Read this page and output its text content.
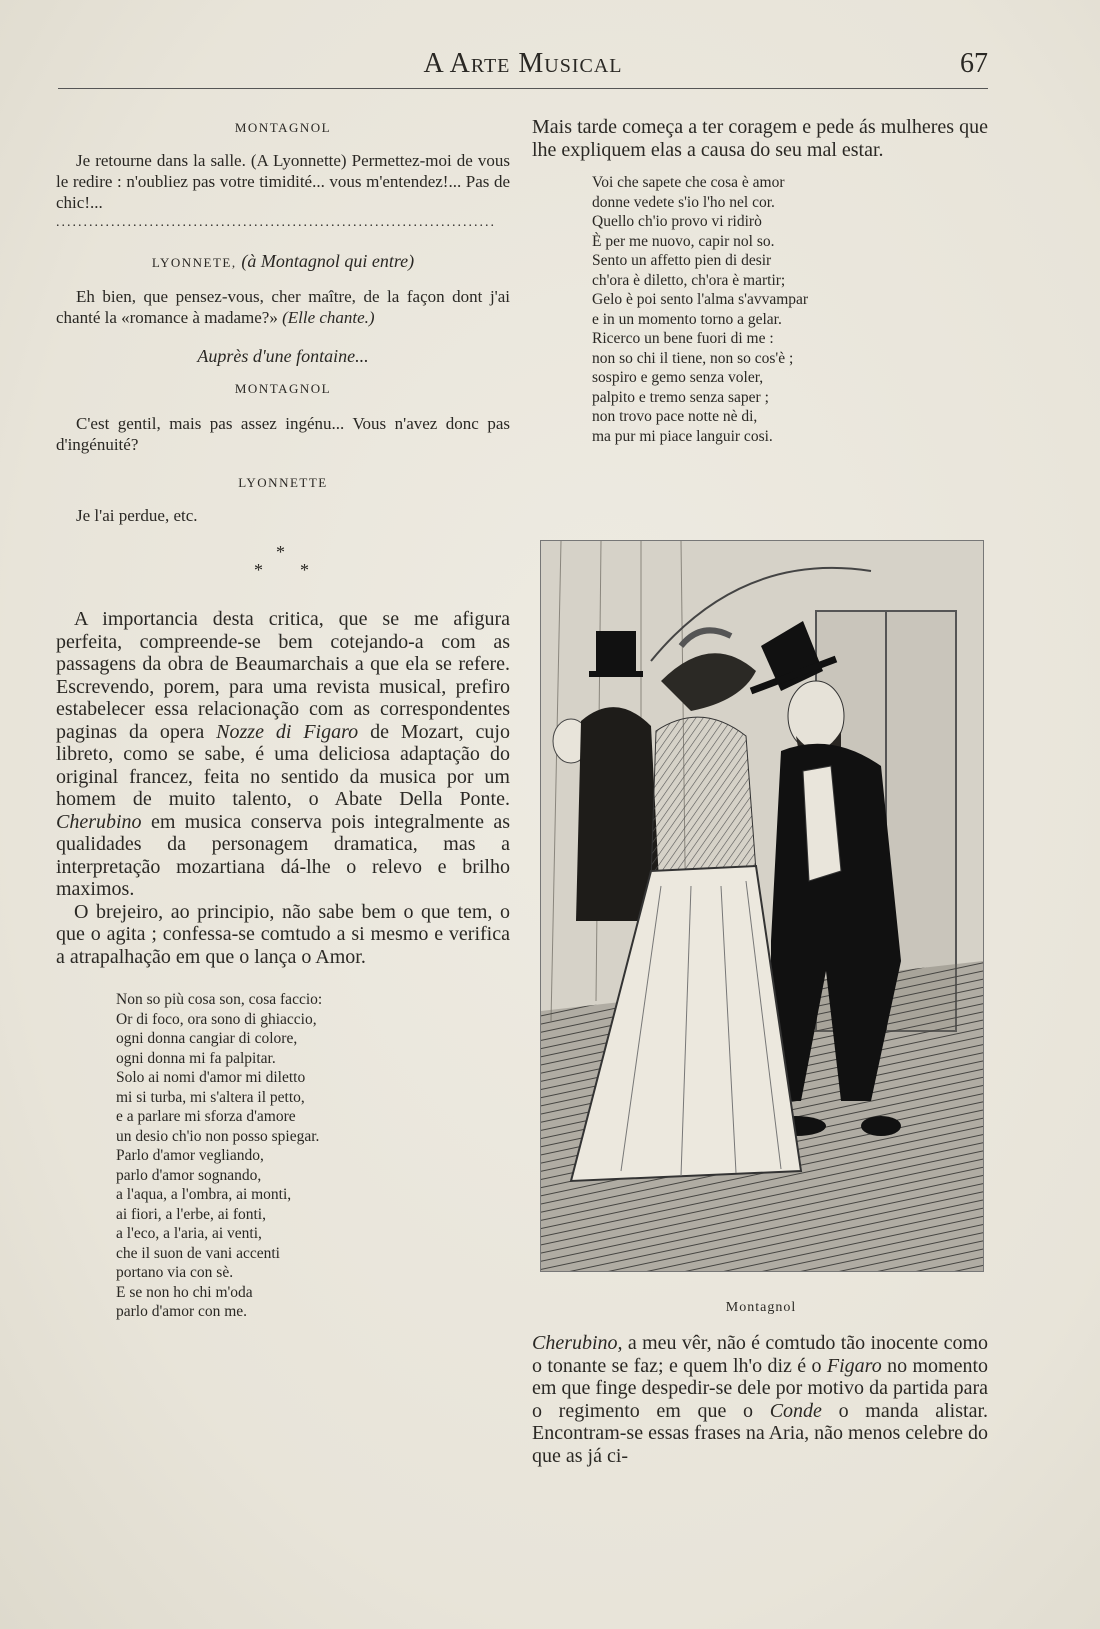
A Arte Musical	67

MONTAGNOL

Je retourne dans la salle. (A Lyonnette) Permettez-moi de vous le redire : n'oubliez pas votre timidité... vous m'entendez!... Pas de chic!...

................................................................................

LYONNETE, (à Montagnol qui entre)

Eh bien, que pensez-vous, cher maître, de la façon dont j'ai chanté la «romance à madame?» (Elle chante.)

Auprès d'une fontaine...

MONTAGNOL

C'est gentil, mais pas assez ingénu... Vous n'avez donc pas d'ingénuité?

LYONNETTE

Je l'ai perdue, etc.

*
* *

A importancia desta critica, que se me afigura perfeita, compreende-se bem cotejando-a com as passagens da obra de Beaumarchais a que ela se refere. Escrevendo, porem, para uma revista musical, prefiro estabelecer essa relacionação com as correspondentes paginas da opera Nozze di Figaro de Mozart, cujo libreto, como se sabe, é uma deliciosa adaptação do original francez, feita no sentido da musica por um homem de muito talento, o Abate Della Ponte. Cherubino em musica conserva pois integralmente as qualidades da personagem dramatica, mas a interpretação mozartiana dá-lhe o relevo e brilho maximos.

O brejeiro, ao principio, não sabe bem o que tem, o que o agita ; confessa-se comtudo a si mesmo e verifica a atrapalhação em que o lança o Amor.

Non so più cosa son, cosa faccio:
Or di foco, ora sono di ghiaccio,
ogni donna cangiar di colore,
ogni donna mi fa palpitar.
Solo ai nomi d'amor mi diletto
mi si turba, mi s'altera il petto,
e a parlare mi sforza d'amore
un desio ch'io non posso spiegar.
Parlo d'amor vegliando,
parlo d'amor sognando,
a l'aqua, a l'ombra, ai monti,
ai fiori, a l'erbe, ai fonti,
a l'eco, a l'aria, ai venti,
che il suon de vani accenti
portano via con sè.
E se non ho chi m'oda
parlo d'amor con me.

Mais tarde começa a ter coragem e pede ás mulheres que lhe expliquem elas a causa do seu mal estar.

Voi che sapete che cosa è amor
donne vedete s'io l'ho nel cor.
Quello ch'io provo vi ridirò
È per me nuovo, capir nol so.
Sento un affetto pien di desir
ch'ora è diletto, ch'ora è martir;
Gelo è poi sento l'alma s'avvampar
e in un momento torno a gelar.
Ricerco un bene fuori di me :
non so chi il tiene, non so cos'è ;
sospiro e gemo senza voler,
palpito e tremo senza saper ;
non trovo pace notte nè di,
ma pur mi piace languir cosi.
Montagnol

Cherubino, a meu vêr, não é comtudo tão inocente como o tonante se faz; e quem lh'o diz é o Figaro no momento em que finge despedir-se dele por motivo da partida para o regimento em que o Conde o manda alistar. Encontram-se essas frases na Aria, não menos celebre do que as já ci-
